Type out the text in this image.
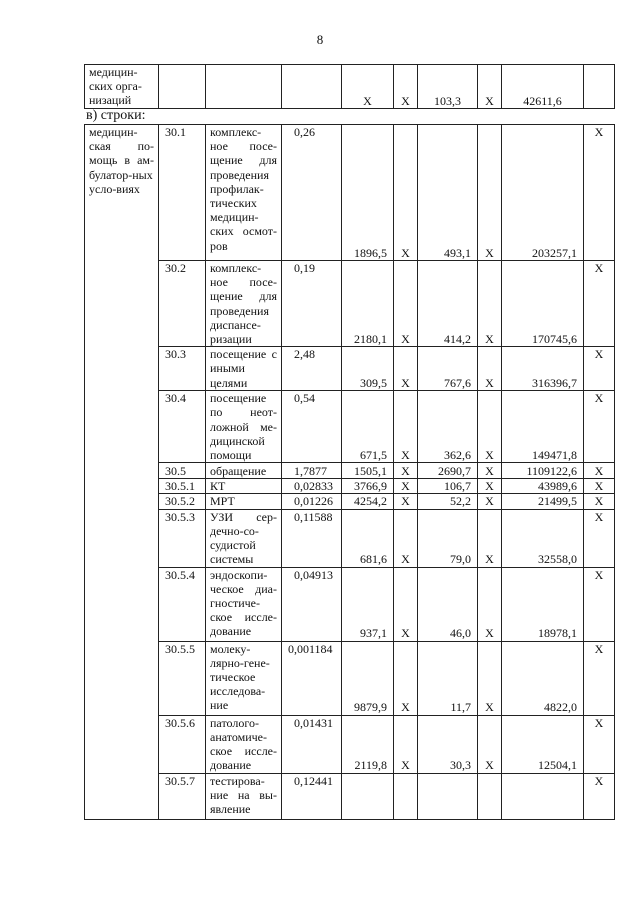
8
медицин-ских орга-низаций				X	X	103,3	X	42611,6	
в) строки:
медицин-ская по-мощь в ам-булатор-ных усло-виях	30.1	комплекс-ное посе-щение для проведения профилак-тических медицин-ских осмот-ров	0,26	1896,5	X	493,1	X	203257,1	X
	30.2	комплекс-ное посе-щение для проведения диспансе-ризации	0,19	2180,1	X	414,2	X	170745,6	X
	30.3	посещение с иными целями	2,48	309,5	X	767,6	X	316396,7	X
	30.4	посещение по неот-ложной ме-дицинской помощи	0,54	671,5	X	362,6	X	149471,8	X
	30.5	обращение	1,7877	1505,1	X	2690,7	X	1109122,6	X
	30.5.1	КТ	0,02833	3766,9	X	106,7	X	43989,6	X
	30.5.2	МРТ	0,01226	4254,2	X	52,2	X	21499,5	X
	30.5.3	УЗИ сер-дечно-со-судистой системы	0,11588	681,6	X	79,0	X	32558,0	X
	30.5.4	эндоскопи-ческое диа-гностиче-ское иссле-дование	0,04913	937,1	X	46,0	X	18978,1	X
	30.5.5	молеку-лярно-гене-тическое исследова-ние	0,001184	9879,9	X	11,7	X	4822,0	X
	30.5.6	патолого-анатомиче-ское иссле-дование	0,01431	2119,8	X	30,3	X	12504,1	X
	30.5.7	тестирова-ние на вы-явление	0,12441						X
